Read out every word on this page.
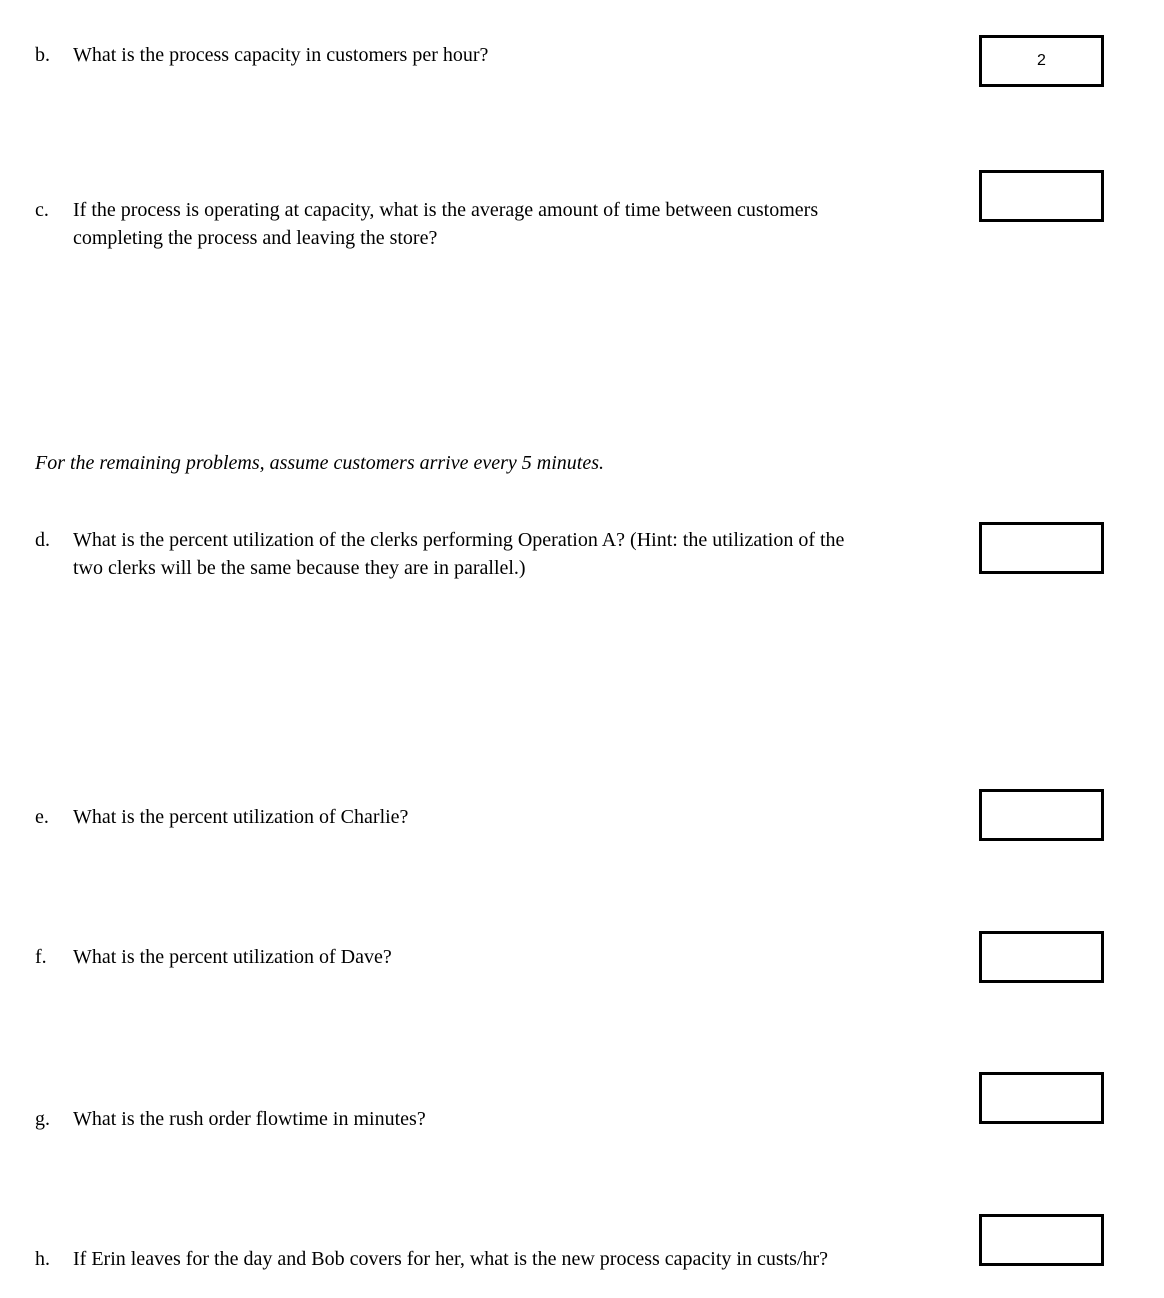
b. What is the process capacity in customers per hour?	2
c. If the process is operating at capacity, what is the average amount of time between customers
completing the process and leaving the store?
For the remaining problems, assume customers arrive every 5 minutes.
d. What is the percent utilization of the clerks performing Operation A? (Hint: the utilization of the
two clerks will be the same because they are in parallel.)
e. What is the percent utilization of Charlie?
f. What is the percent utilization of Dave?
g. What is the rush order flowtime in minutes?
h. If Erin leaves for the day and Bob covers for her, what is the new process capacity in custs/hr?
